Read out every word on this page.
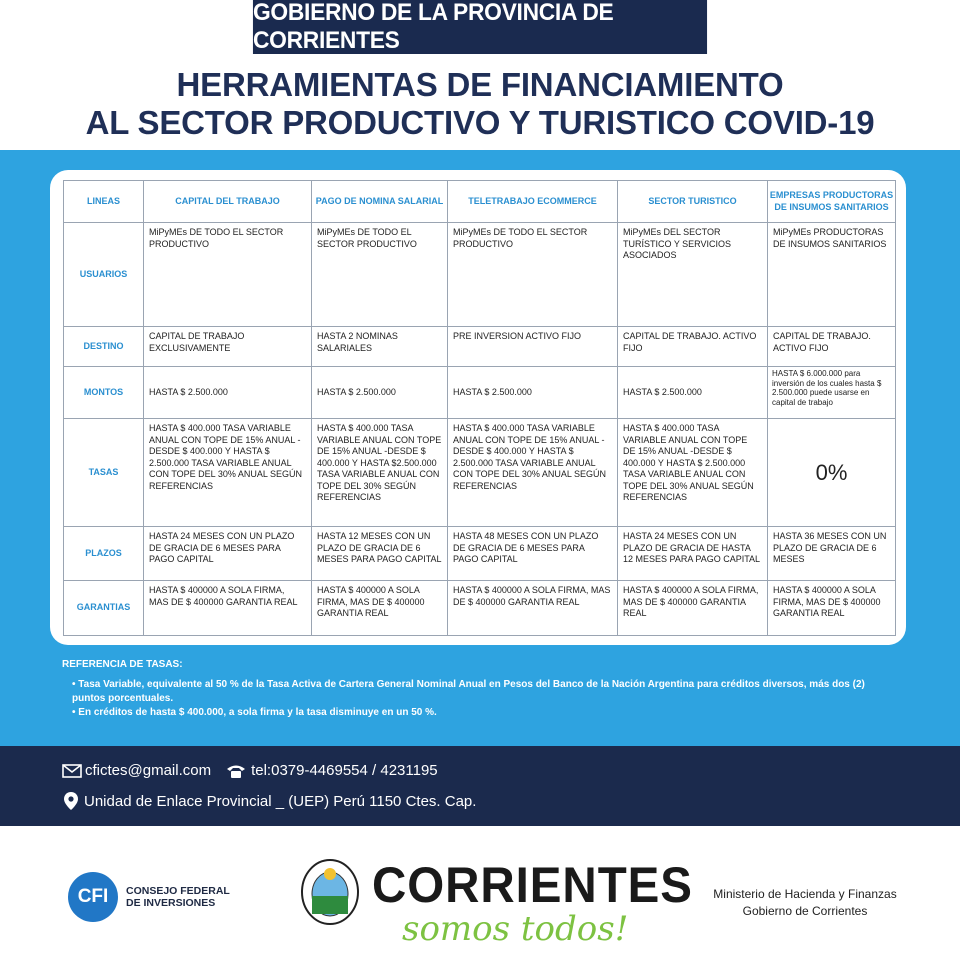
GOBIERNO DE LA PROVINCIA DE CORRIENTES
HERRAMIENTAS DE FINANCIAMIENTO
AL SECTOR PRODUCTIVO Y TURISTICO COVID-19
LINEAS	CAPITAL DEL TRABAJO	PAGO DE NOMINA SALARIAL	TELETRABAJO ECOMMERCE	SECTOR TURISTICO	EMPRESAS PRODUCTORAS DE INSUMOS SANITARIOS
USUARIOS	MiPyMEs DE TODO EL SECTOR PRODUCTIVO	MiPyMEs DE TODO EL SECTOR PRODUCTIVO	MiPyMEs DE TODO EL SECTOR PRODUCTIVO	MiPyMEs DEL SECTOR TURÍSTICO Y SERVICIOS ASOCIADOS	MiPyMEs PRODUCTORAS DE INSUMOS SANITARIOS

DESTINO	CAPITAL DE TRABAJO EXCLUSIVAMENTE	HASTA 2 NOMINAS SALARIALES	PRE INVERSION ACTIVO FIJO	CAPITAL DE TRABAJO. ACTIVO FIJO	CAPITAL DE TRABAJO. ACTIVO FIJO

MONTOS	HASTA $ 2.500.000	HASTA $ 2.500.000	HASTA $ 2.500.000	HASTA $ 2.500.000	HASTA $ 6.000.000 para inversión de los cuales hasta $ 2.500.000 puede usarse en capital de trabajo

TASAS	HASTA $ 400.000 TASA VARIABLE ANUAL CON TOPE DE 15% ANUAL - DESDE $ 400.000 Y HASTA $ 2.500.000 TASA VARIABLE ANUAL CON TOPE DEL 30% ANUAL SEGÚN REFERENCIAS	HASTA $ 400.000 TASA VARIABLE ANUAL CON TOPE DE 15% ANUAL -DESDE $ 400.000 Y HASTA $2.500.000 TASA VARIABLE ANUAL CON TOPE DEL 30% SEGÚN REFERENCIAS	HASTA $ 400.000 TASA VARIABLE ANUAL CON TOPE DE 15% ANUAL - DESDE $ 400.000 Y HASTA $ 2.500.000 TASA VARIABLE ANUAL CON TOPE DEL 30% ANUAL SEGÚN REFERENCIAS	HASTA $ 400.000 TASA VARIABLE ANUAL CON TOPE DE 15% ANUAL -DESDE $ 400.000 Y HASTA $ 2.500.000 TASA VARIABLE ANUAL CON TOPE DEL 30% ANUAL SEGÚN REFERENCIAS	0%
PLAZOS	HASTA 24 MESES CON UN PLAZO DE GRACIA DE 6 MESES PARA PAGO CAPITAL	HASTA 12 MESES CON UN PLAZO DE GRACIA DE 6 MESES PARA PAGO CAPITAL	HASTA 48 MESES CON UN PLAZO DE GRACIA DE 6 MESES PARA PAGO CAPITAL	HASTA 24 MESES CON UN PLAZO DE GRACIA DE HASTA 12 MESES PARA PAGO CAPITAL	HASTA 36 MESES CON UN PLAZO DE GRACIA DE 6 MESES

GARANTIAS	HASTA $ 400000 A SOLA FIRMA, MAS DE $ 400000 GARANTIA REAL	HASTA $ 400000 A SOLA FIRMA, MAS DE $ 400000 GARANTIA REAL	HASTA $ 400000 A SOLA FIRMA, MAS DE $ 400000 GARANTIA REAL	HASTA $ 400000 A SOLA FIRMA, MAS DE $ 400000 GARANTIA REAL	HASTA $ 400000 A SOLA FIRMA, MAS DE $ 400000 GARANTIA REAL
REFERENCIA DE TASAS:
• Tasa Variable, equivalente al 50 % de la Tasa Activa de Cartera General Nominal Anual en Pesos del Banco de la Nación Argentina para créditos diversos, más dos (2) puntos porcentuales.
• En créditos de hasta $ 400.000, a sola firma y la tasa disminuye en un 50 %.
cfictes@gmail.com	tel:0379-4469554 / 4231195
Unidad de Enlace Provincial _ (UEP) Perú 1150 Ctes. Cap.
CFI	CONSEJO FEDERAL DE INVERSIONES	CORRIENTES
somos todos!
Ministerio de Hacienda y Finanzas
Gobierno de Corrientes
